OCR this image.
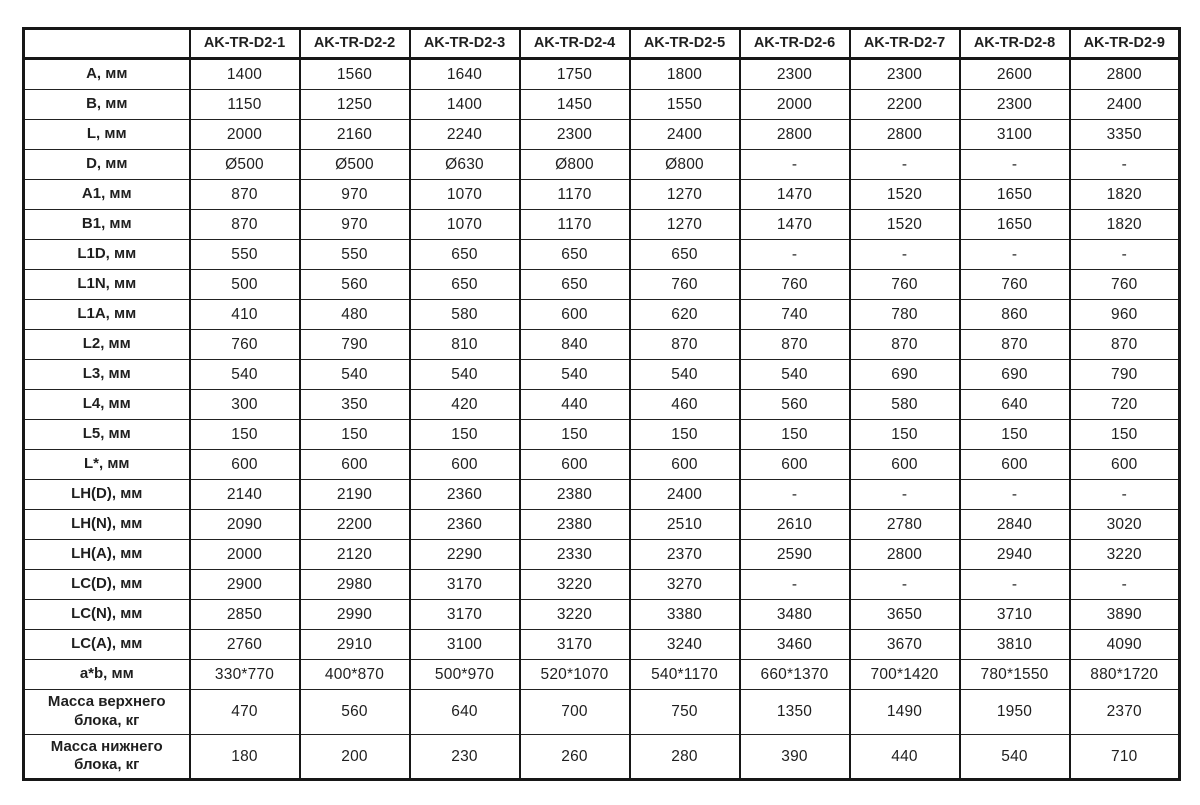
	AK-TR-D2-1	AK-TR-D2-2	AK-TR-D2-3	AK-TR-D2-4	AK-TR-D2-5	AK-TR-D2-6	AK-TR-D2-7	AK-TR-D2-8	AK-TR-D2-9
A, мм	1400	1560	1640	1750	1800	2300	2300	2600	2800
B, мм	1150	1250	1400	1450	1550	2000	2200	2300	2400
L, мм	2000	2160	2240	2300	2400	2800	2800	3100	3350
D, мм	Ø500	Ø500	Ø630	Ø800	Ø800	-	-	-	-
A1, мм	870	970	1070	1170	1270	1470	1520	1650	1820
B1, мм	870	970	1070	1170	1270	1470	1520	1650	1820
L1D, мм	550	550	650	650	650	-	-	-	-
L1N, мм	500	560	650	650	760	760	760	760	760
L1A, мм	410	480	580	600	620	740	780	860	960
L2, мм	760	790	810	840	870	870	870	870	870
L3, мм	540	540	540	540	540	540	690	690	790
L4, мм	300	350	420	440	460	560	580	640	720
L5, мм	150	150	150	150	150	150	150	150	150
L*, мм	600	600	600	600	600	600	600	600	600
LH(D), мм	2140	2190	2360	2380	2400	-	-	-	-
LH(N), мм	2090	2200	2360	2380	2510	2610	2780	2840	3020
LH(A), мм	2000	2120	2290	2330	2370	2590	2800	2940	3220
LC(D), мм	2900	2980	3170	3220	3270	-	-	-	-
LC(N), мм	2850	2990	3170	3220	3380	3480	3650	3710	3890
LC(A), мм	2760	2910	3100	3170	3240	3460	3670	3810	4090
a*b, мм	330*770	400*870	500*970	520*1070	540*1170	660*1370	700*1420	780*1550	880*1720
Масса верхнего блока, кг	470	560	640	700	750	1350	1490	1950	2370
Масса нижнего блока, кг	180	200	230	260	280	390	440	540	710
